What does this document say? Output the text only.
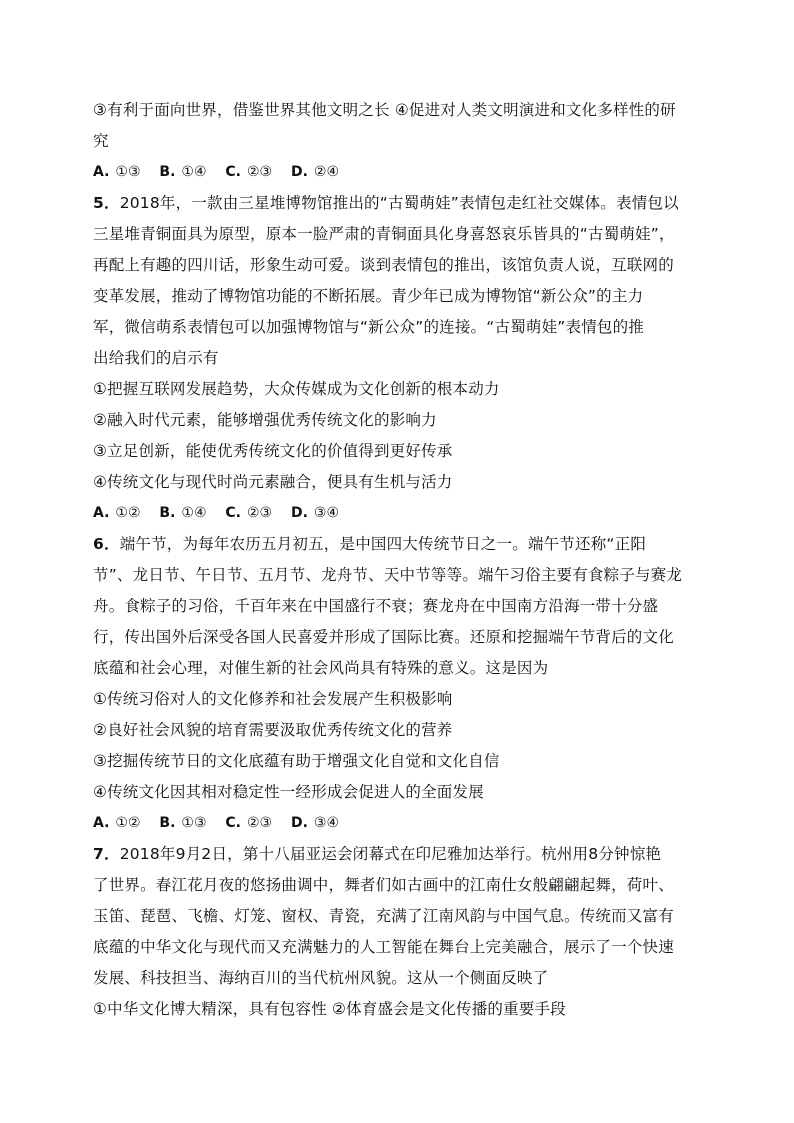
③有利于面向世界，借鉴世界其他文明之长 ④促进对人类文明演进和文化多样性的研
究
A. ①③ B. ①④ C. ②③ D. ②④
5．2018年，一款由三星堆博物馆推出的“古蜀萌娃”表情包走红社交媒体。表情包以
三星堆青铜面具为原型，原本一脸严肃的青铜面具化身喜怒哀乐皆具的“古蜀萌娃”，
再配上有趣的四川话，形象生动可爱。谈到表情包的推出，该馆负责人说，互联网的
变革发展，推动了博物馆功能的不断拓展。青少年已成为博物馆“新公众”的主力
军，微信萌系表情包可以加强博物馆与“新公众”的连接。“古蜀萌娃”表情包的推
出给我们的启示有
①把握互联网发展趋势，大众传媒成为文化创新的根本动力
②融入时代元素，能够增强优秀传统文化的影响力
③立足创新，能使优秀传统文化的价值得到更好传承
④传统文化与现代时尚元素融合，便具有生机与活力
A. ①② B. ①④ C. ②③ D. ③④
6．端午节，为每年农历五月初五，是中国四大传统节日之一。端午节还称“正阳
节”、龙日节、午日节、五月节、龙舟节、天中节等等。端午习俗主要有食粽子与赛龙
舟。食粽子的习俗，千百年来在中国盛行不衰；赛龙舟在中国南方沿海一带十分盛
行，传出国外后深受各国人民喜爱并形成了国际比赛。还原和挖掘端午节背后的文化
底蕴和社会心理，对催生新的社会风尚具有特殊的意义。这是因为
①传统习俗对人的文化修养和社会发展产生积极影响
②良好社会风貌的培育需要汲取优秀传统文化的营养
③挖掘传统节日的文化底蕴有助于增强文化自觉和文化自信
④传统文化因其相对稳定性一经形成会促进人的全面发展
A. ①② B. ①③ C. ②③ D. ③④
7．2018年9月2日，第十八届亚运会闭幕式在印尼雅加达举行。杭州用8分钟惊艳
了世界。春江花月夜的悠扬曲调中，舞者们如古画中的江南仕女般翩翩起舞，荷叶、
玉笛、琵琶、飞檐、灯笼、窗权、青瓷，充满了江南风韵与中国气息。传统而又富有
底蕴的中华文化与现代而又充满魅力的人工智能在舞台上完美融合，展示了一个快速
发展、科技担当、海纳百川的当代杭州风貌。这从一个侧面反映了
①中华文化博大精深，具有包容性 ②体育盛会是文化传播的重要手段
